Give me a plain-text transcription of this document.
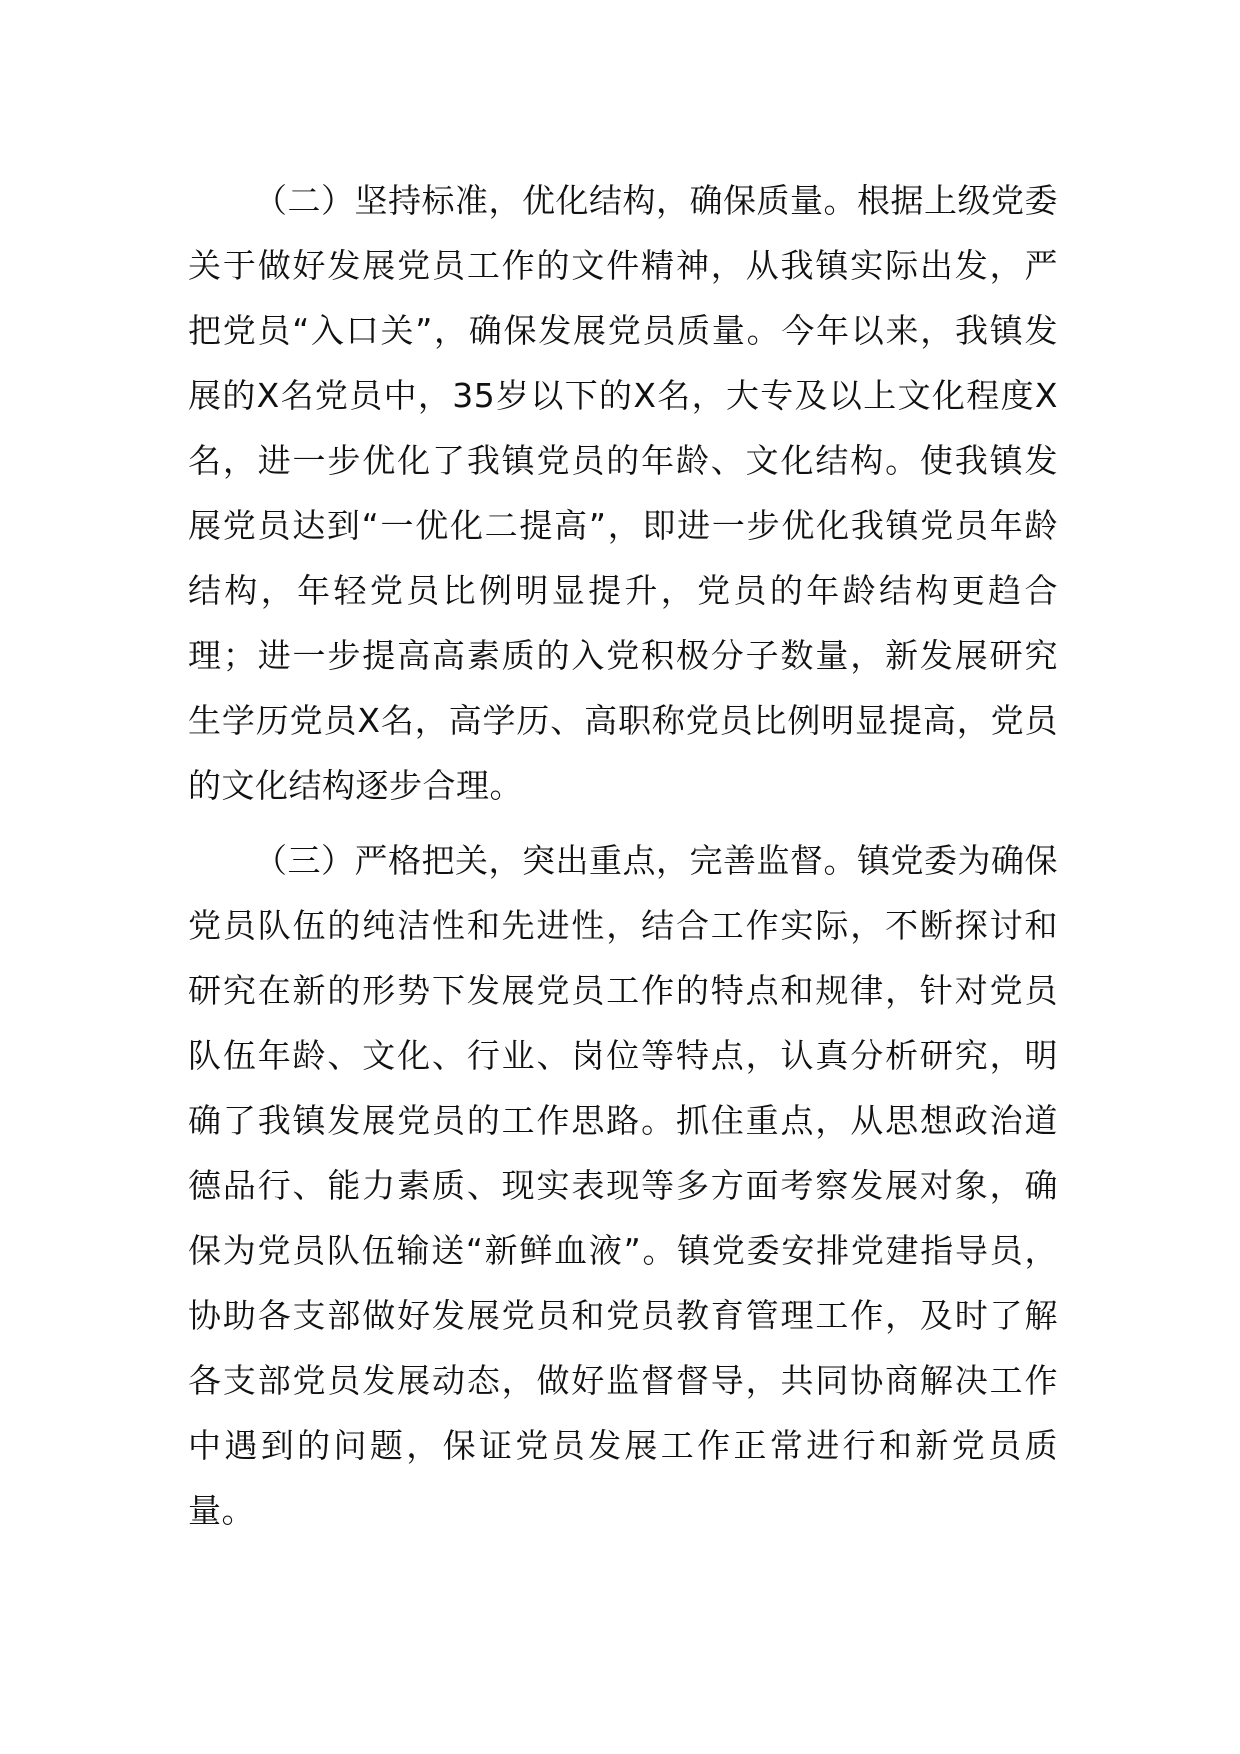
（二）坚持标准，优化结构，确保质量。根据上级党委关于做好发展党员工作的文件精神，从我镇实际出发，严把党员“入口关”，确保发展党员质量。今年以来，我镇发展的X名党员中，35岁以下的X名，大专及以上文化程度X名，进一步优化了我镇党员的年龄、文化结构。使我镇发展党员达到“一优化二提高”，即进一步优化我镇党员年龄结构，年轻党员比例明显提升，党员的年龄结构更趋合理；进一步提高高素质的入党积极分子数量，新发展研究生学历党员X名，高学历、高职称党员比例明显提高，党员的文化结构逐步合理。

（三）严格把关，突出重点，完善监督。镇党委为确保党员队伍的纯洁性和先进性，结合工作实际，不断探讨和研究在新的形势下发展党员工作的特点和规律，针对党员队伍年龄、文化、行业、岗位等特点，认真分析研究，明确了我镇发展党员的工作思路。抓住重点，从思想政治道德品行、能力素质、现实表现等多方面考察发展对象，确保为党员队伍输送“新鲜血液”。镇党委安排党建指导员，协助各支部做好发展党员和党员教育管理工作，及时了解各支部党员发展动态，做好监督督导，共同协商解决工作中遇到的问题，保证党员发展工作正常进行和新党员质量。
